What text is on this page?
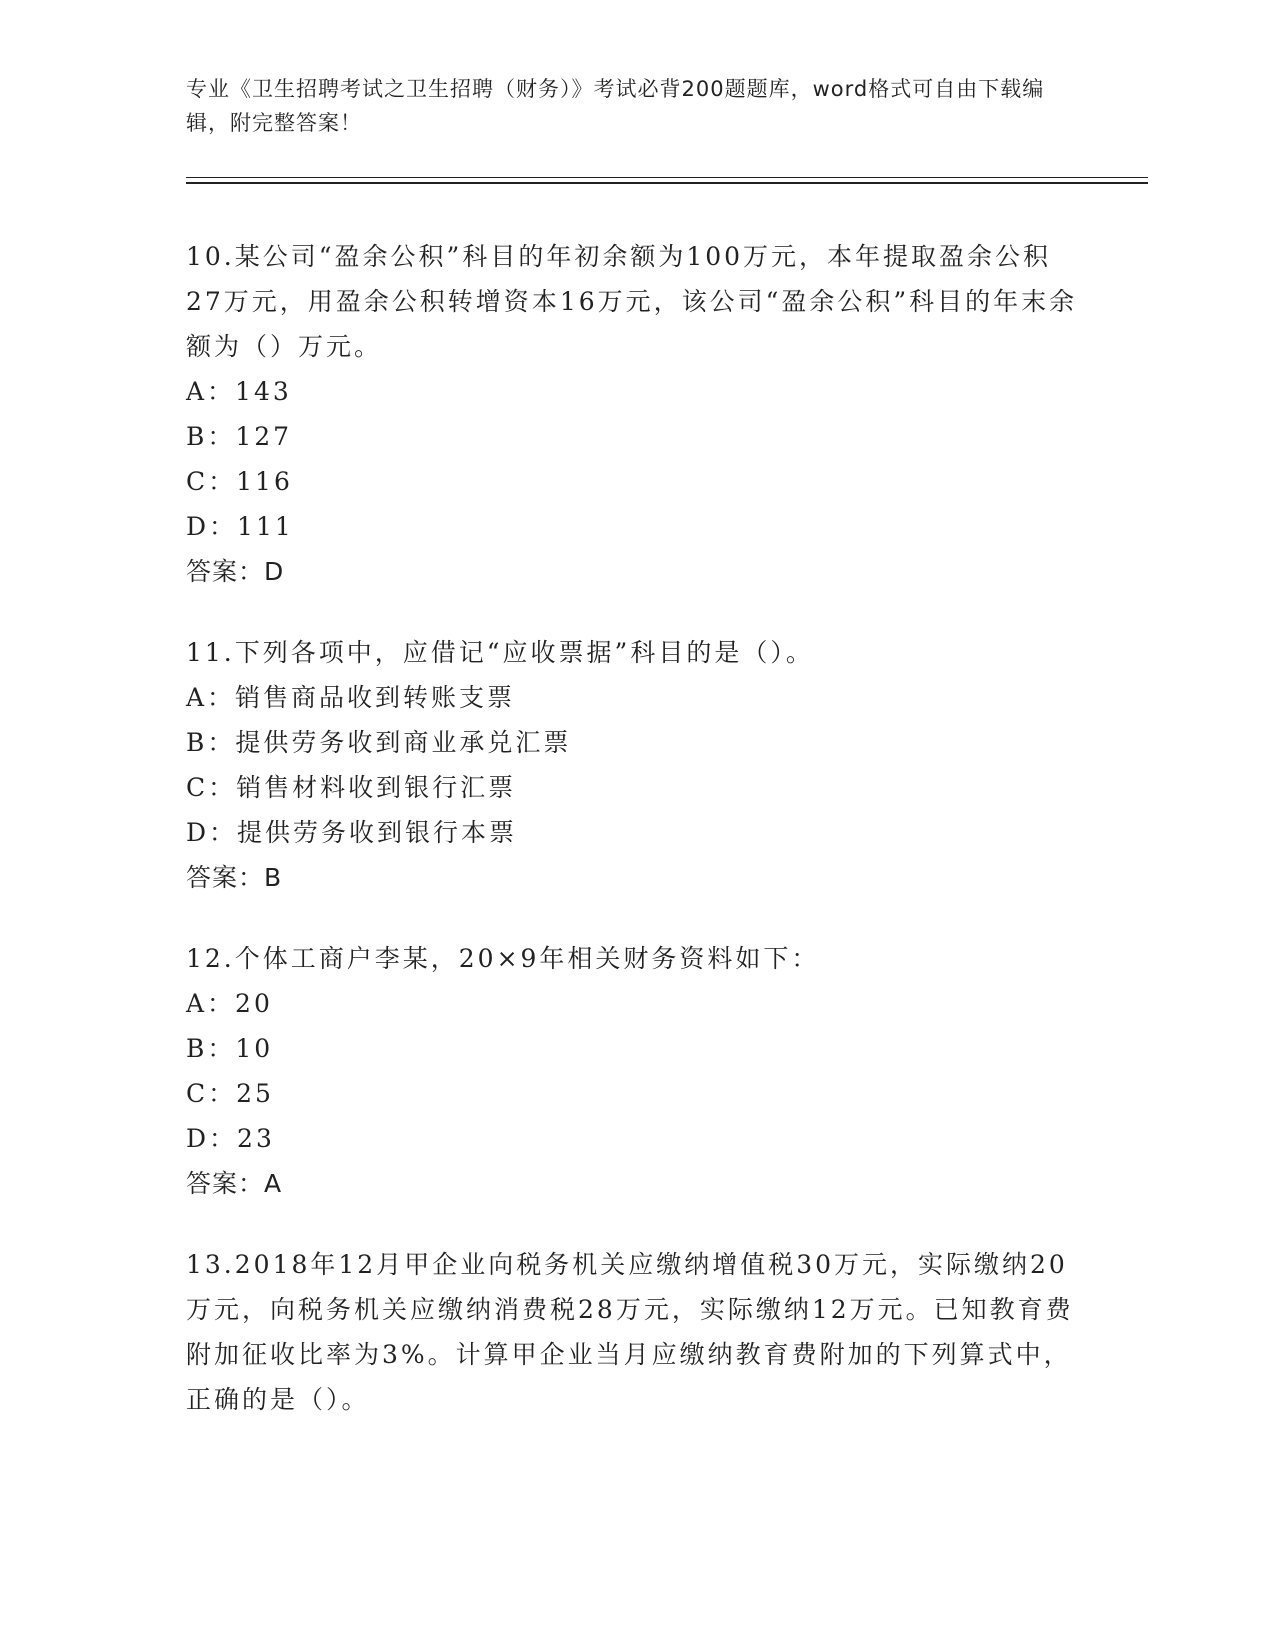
专业《卫生招聘考试之卫生招聘（财务）》考试必背200题题库，word格式可自由下载编辑，附完整答案！

10.某公司“盈余公积”科目的年初余额为100万元，本年提取盈余公积27万元，用盈余公积转增资本16万元，该公司“盈余公积”科目的年末余额为（）万元。

A：143

B：127

C：116

D：111

答案：D

11.下列各项中，应借记“应收票据”科目的是（）。

A：销售商品收到转账支票

B：提供劳务收到商业承兑汇票

C：销售材料收到银行汇票

D：提供劳务收到银行本票

答案：B

12.个体工商户李某，20×9年相关财务资料如下：

A：20

B：10

C：25

D：23

答案：A

13.2018年12月甲企业向税务机关应缴纳增值税30万元，实际缴纳20万元，向税务机关应缴纳消费税28万元，实际缴纳12万元。已知教育费附加征收比率为3%。计算甲企业当月应缴纳教育费附加的下列算式中，正确的是（）。
